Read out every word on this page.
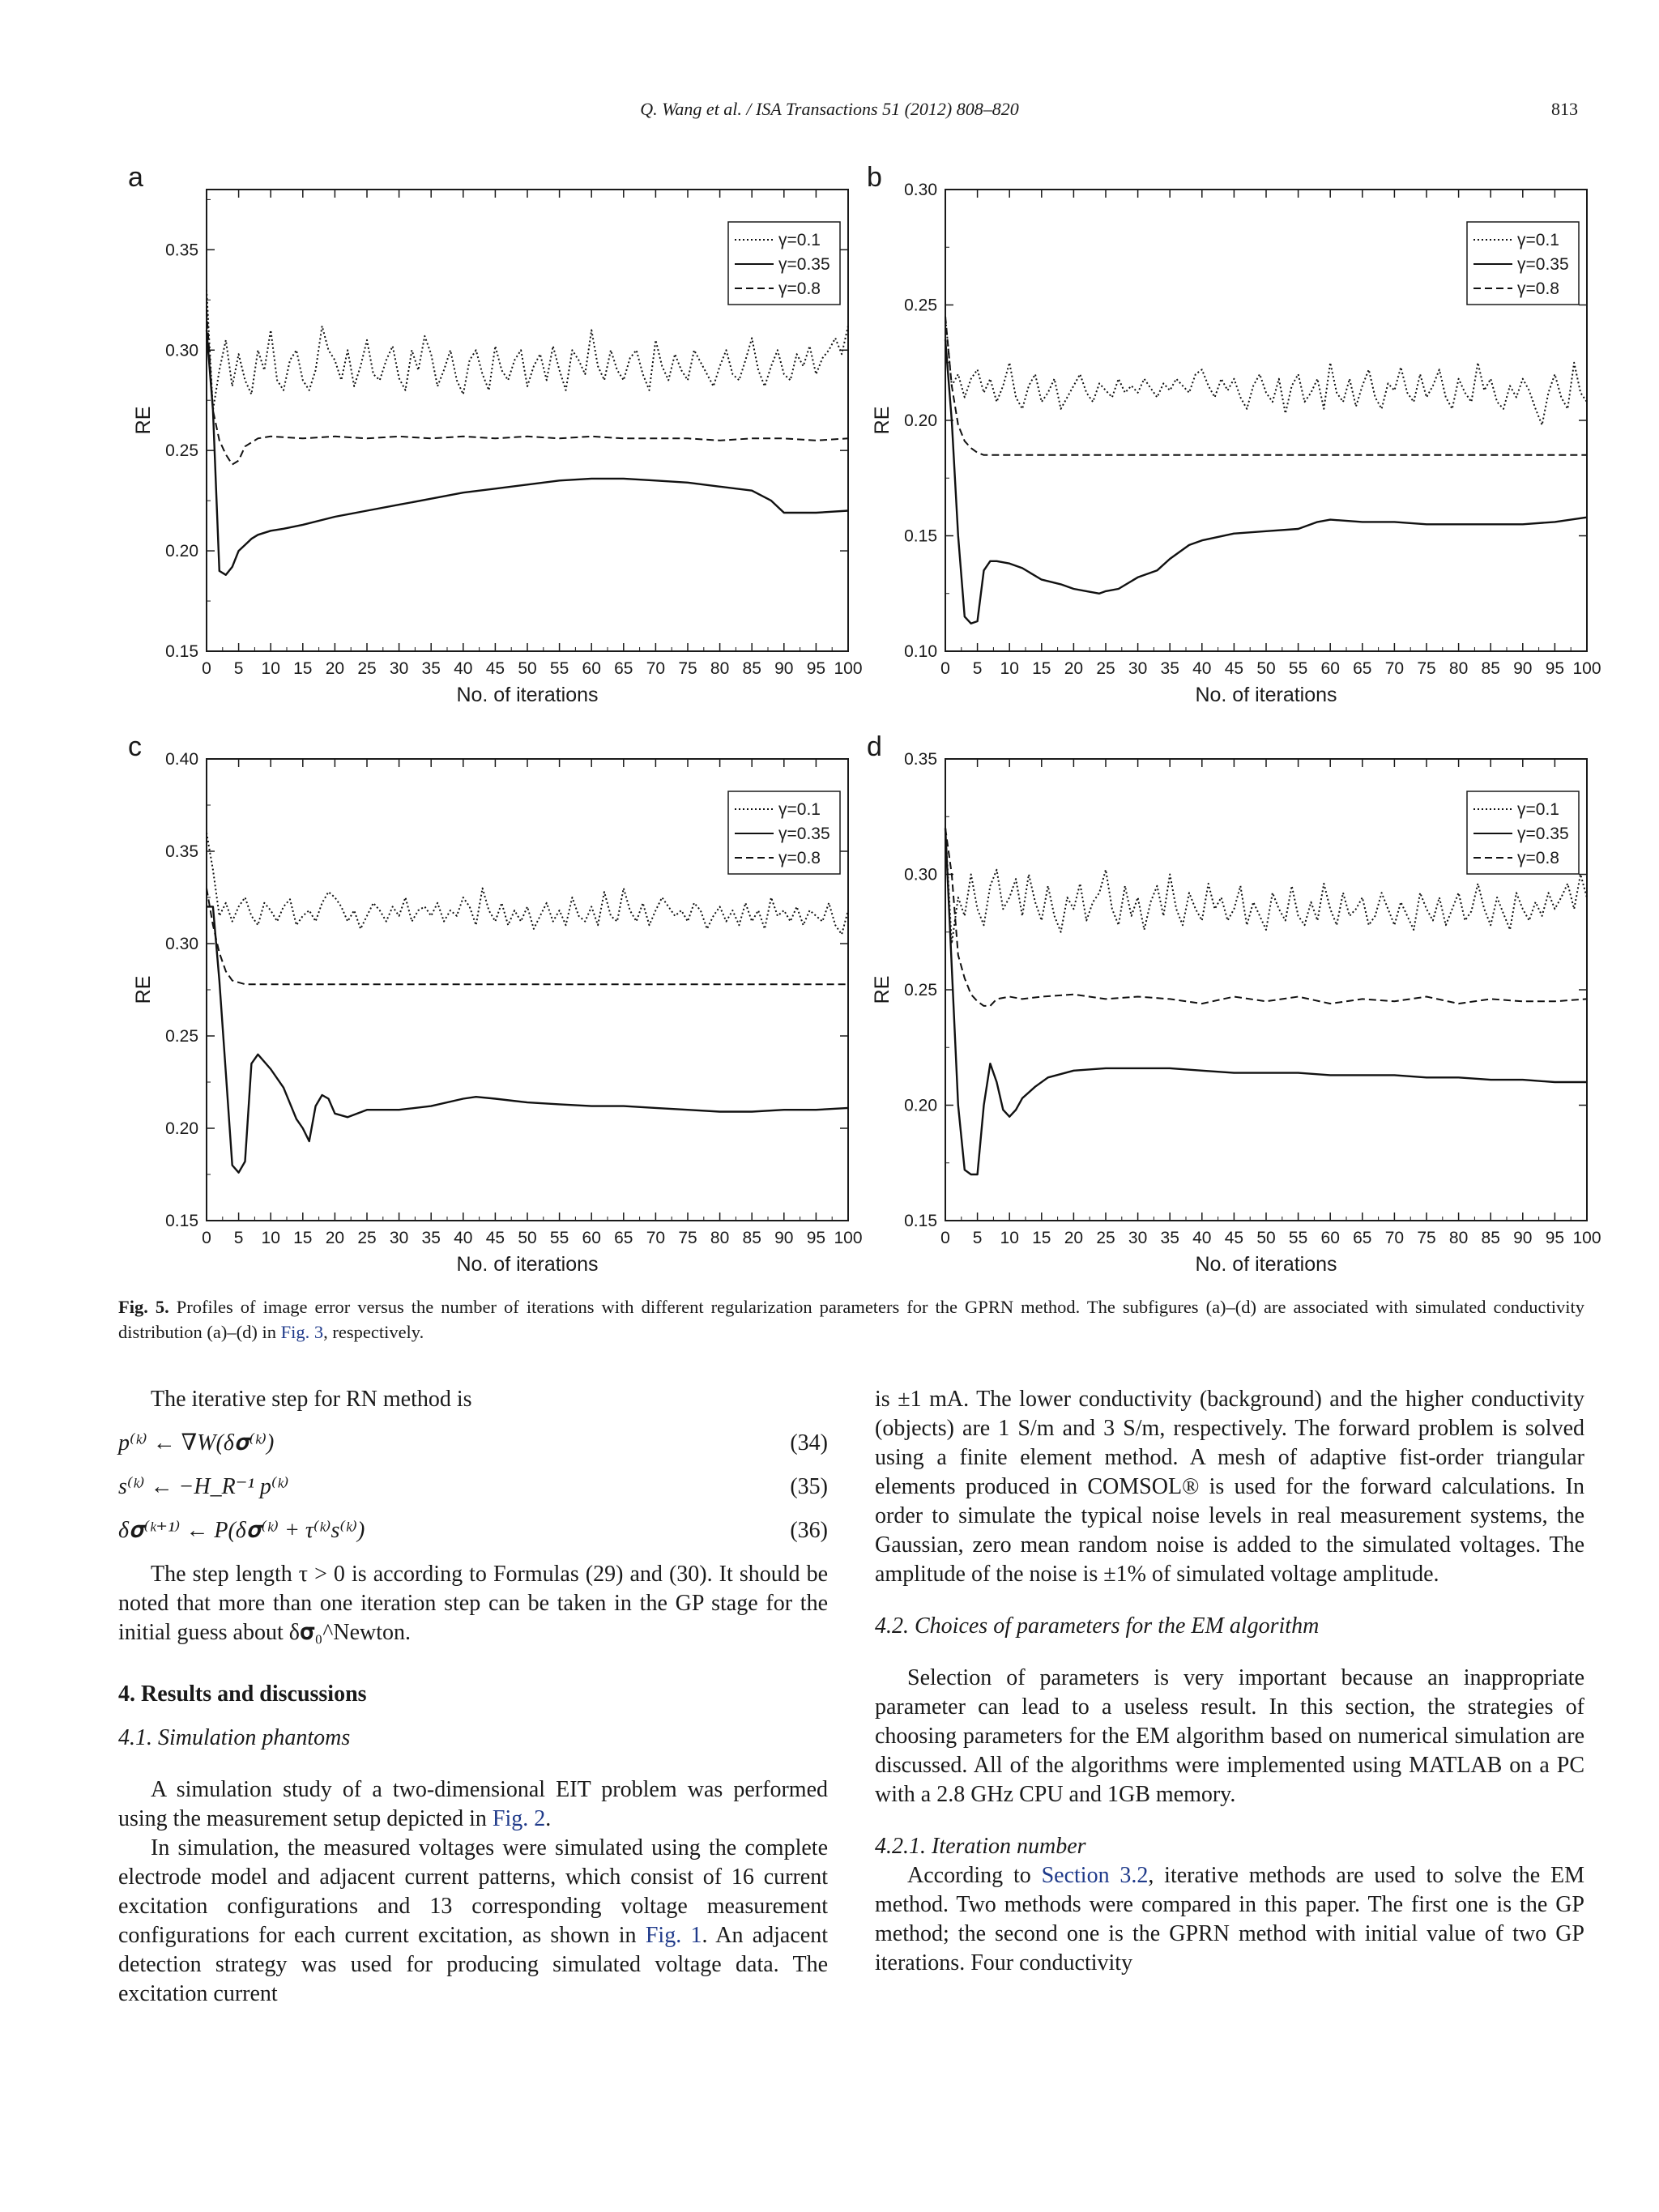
Q. Wang et al. / ISA Transactions 51 (2012) 808–820	813
a
0 5 10 15 20 25 30 35 40 45 50 55 60 65 70 75 80 85 90 95 100
0.15
0.20
0.25
0.30
0.35
No. of iterations
RE
γ=0.1
γ=0.35
γ=0.8
b
0 5 10 15 20 25 30 35 40 45 50 55 60 65 70 75 80 85 90 95 100
0.10
0.15
0.20
0.25
0.30
No. of iterations
RE
γ=0.1
γ=0.35
γ=0.8
c
0 5 10 15 20 25 30 35 40 45 50 55 60 65 70 75 80 85 90 95 100
0.15
0.20
0.25
0.30
0.35
0.40
No. of iterations
RE
γ=0.1
γ=0.35
γ=0.8
d
0 5 10 15 20 25 30 35 40 45 50 55 60 65 70 75 80 85 90 95 100
0.15
0.20
0.25
0.30
0.35
No. of iterations
RE
γ=0.1
γ=0.35
γ=0.8
Fig. 5. Profiles of image error versus the number of iterations with different regularization parameters for the GPRN method. The subfigures (a)–(d) are associated with simulated conductivity distribution (a)–(d) in Fig. 3, respectively.

The iterative step for RN method is

p⁽ᵏ⁾ ← ∇W(δ𝛔⁽ᵏ⁾)	(34)
s⁽ᵏ⁾ ← −H_R⁻¹ p⁽ᵏ⁾	(35)
δ𝛔⁽ᵏ⁺¹⁾ ← P(δ𝛔⁽ᵏ⁾ + τ⁽ᵏ⁾s⁽ᵏ⁾)	(36)

The step length τ > 0 is according to Formulas (29) and (30). It should be noted that more than one iteration step can be taken in the GP stage for the initial guess about δ𝛔₀^Newton.

4. Results and discussions

4.1. Simulation phantoms

A simulation study of a two-dimensional EIT problem was performed using the measurement setup depicted in Fig. 2.

In simulation, the measured voltages were simulated using the complete electrode model and adjacent current patterns, which consist of 16 current excitation configurations and 13 corresponding voltage measurement configurations for each current excitation, as shown in Fig. 1. An adjacent detection strategy was used for producing simulated voltage data. The excitation current

is ±1 mA. The lower conductivity (background) and the higher conductivity (objects) are 1 S/m and 3 S/m, respectively. The forward problem is solved using a finite element method. A mesh of adaptive fist-order triangular elements produced in COMSOL® is used for the forward calculations. In order to simulate the typical noise levels in real measurement systems, the Gaussian, zero mean random noise is added to the simulated voltages. The amplitude of the noise is ±1% of simulated voltage amplitude.

4.2. Choices of parameters for the EM algorithm

Selection of parameters is very important because an inappropriate parameter can lead to a useless result. In this section, the strategies of choosing parameters for the EM algorithm based on numerical simulation are discussed. All of the algorithms were implemented using MATLAB on a PC with a 2.8 GHz CPU and 1GB memory.

4.2.1. Iteration number

According to Section 3.2, iterative methods are used to solve the EM method. Two methods were compared in this paper. The first one is the GP method; the second one is the GPRN method with initial value of two GP iterations. Four conductivity
